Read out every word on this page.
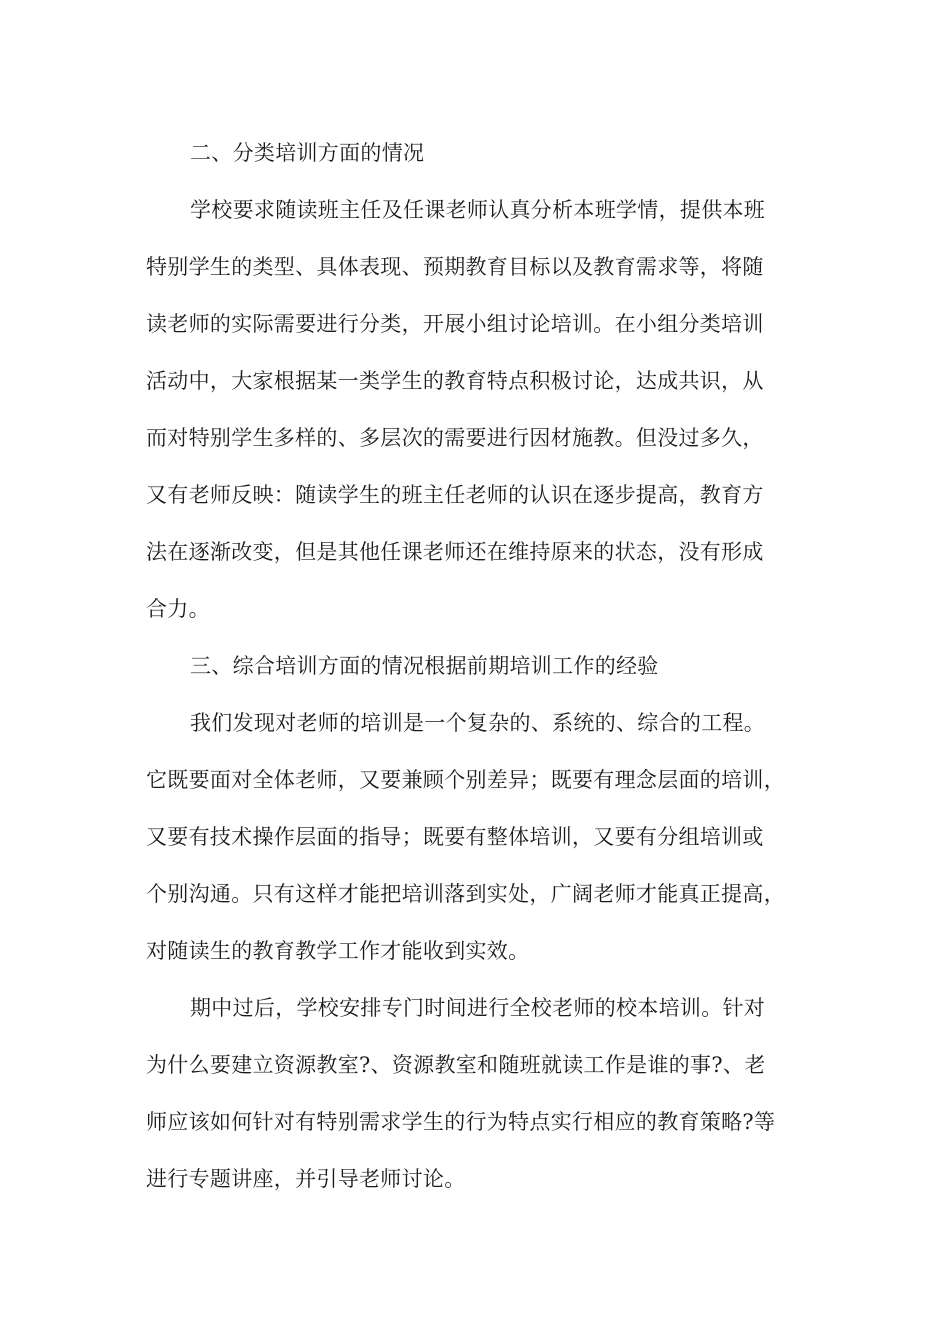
二、分类培训方面的情况
学校要求随读班主任及任课老师认真分析本班学情，提供本班
特别学生的类型、具体表现、预期教育目标以及教育需求等，将随
读老师的实际需要进行分类，开展小组讨论培训。在小组分类培训
活动中，大家根据某一类学生的教育特点积极讨论，达成共识，从
而对特别学生多样的、多层次的需要进行因材施教。但没过多久，
又有老师反映：随读学生的班主任老师的认识在逐步提高，教育方
法在逐渐改变，但是其他任课老师还在维持原来的状态，没有形成
合力。
三、综合培训方面的情况根据前期培训工作的经验
我们发现对老师的培训是一个复杂的、系统的、综合的工程。
它既要面对全体老师，又要兼顾个别差异；既要有理念层面的培训，
又要有技术操作层面的指导；既要有整体培训，又要有分组培训或
个别沟通。只有这样才能把培训落到实处，广阔老师才能真正提高，
对随读生的教育教学工作才能收到实效。
期中过后，学校安排专门时间进行全校老师的校本培训。针对
为什么要建立资源教室?、资源教室和随班就读工作是谁的事?、老
师应该如何针对有特别需求学生的行为特点实行相应的教育策略?等
进行专题讲座，并引导老师讨论。
